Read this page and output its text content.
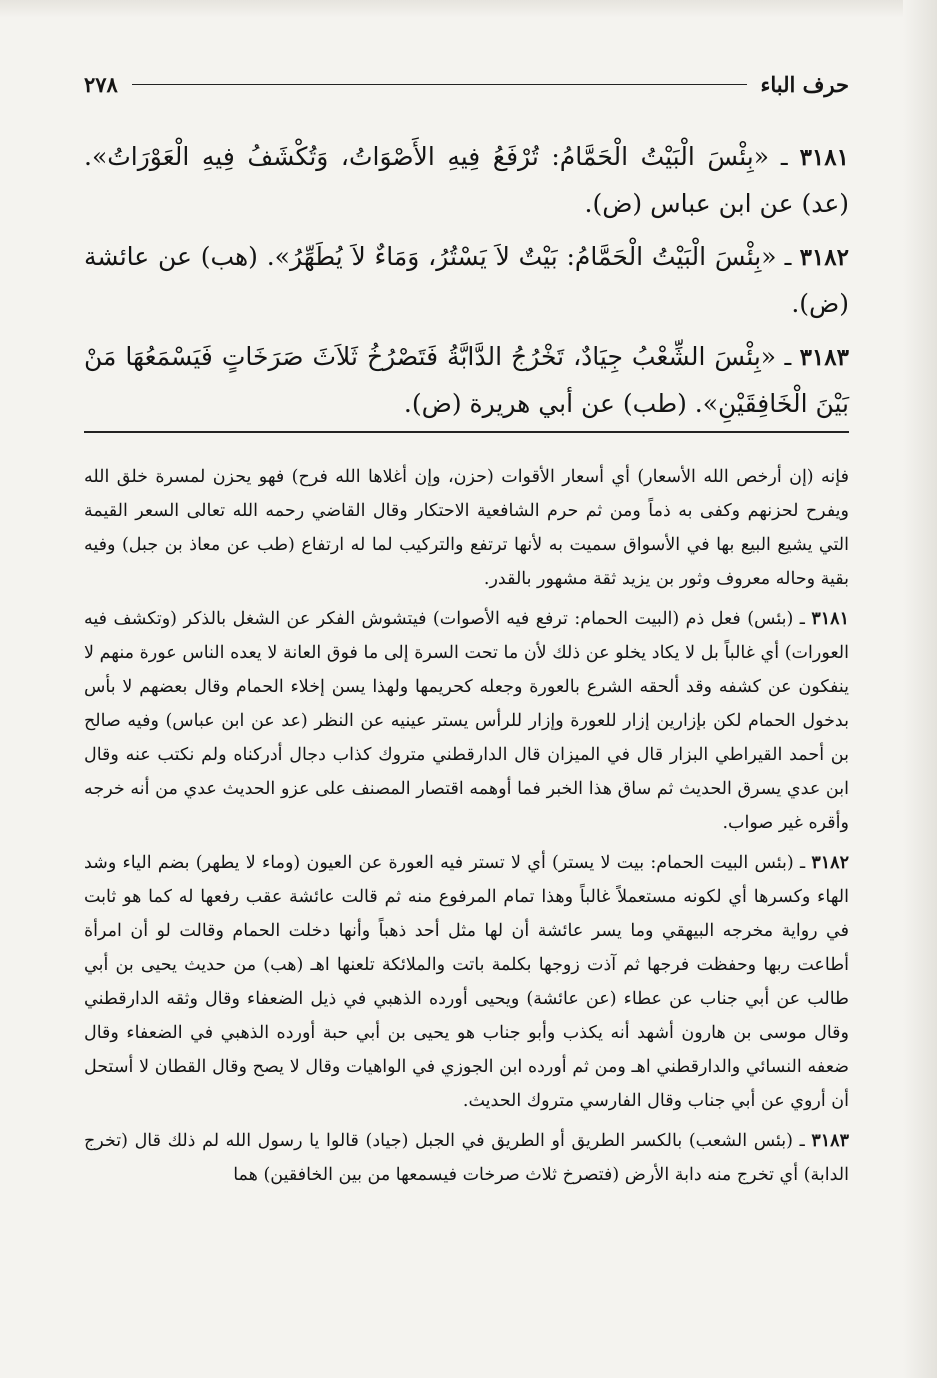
حرف الباء
٢٧٨

٣١٨١ ـ «بِئْسَ الْبَيْتُ الْحَمَّامُ: تُرْفَعُ فِيهِ الأَصْوَاتُ، وَتُكْشَفُ فِيهِ الْعَوْرَاتُ». (عد) عن ابن عباس (ض).

٣١٨٢ ـ «بِئْسَ الْبَيْتُ الْحَمَّامُ: بَيْتٌ لاَ يَسْتُرُ، وَمَاءٌ لاَ يُطَهِّرُ». (هب) عن عائشة (ض).

٣١٨٣ ـ «بِئْسَ الشِّعْبُ جِيَادٌ، تَخْرُجُ الدَّابَّةُ فَتَصْرُخُ ثَلاَثَ صَرَخَاتٍ فَيَسْمَعُهَا مَنْ بَيْنَ الْخَافِقَيْنِ». (طب) عن أبي هريرة (ض).

فإنه (إن أرخص الله الأسعار) أي أسعار الأقوات (حزن، وإن أغلاها الله فرح) فهو يحزن لمسرة خلق الله ويفرح لحزنهم وكفى به ذماً ومن ثم حرم الشافعية الاحتكار وقال القاضي رحمه الله تعالى السعر القيمة التي يشيع البيع بها في الأسواق سميت به لأنها ترتفع والتركيب لما له ارتفاع (طب عن معاذ بن جبل) وفيه بقية وحاله معروف وثور بن يزيد ثقة مشهور بالقدر.

٣١٨١ ـ (بئس) فعل ذم (البيت الحمام: ترفع فيه الأصوات) فيتشوش الفكر عن الشغل بالذكر (وتكشف فيه العورات) أي غالباً بل لا يكاد يخلو عن ذلك لأن ما تحت السرة إلى ما فوق العانة لا يعده الناس عورة منهم لا ينفكون عن كشفه وقد ألحقه الشرع بالعورة وجعله كحريمها ولهذا يسن إخلاء الحمام وقال بعضهم لا بأس بدخول الحمام لكن بإزارين إزار للعورة وإزار للرأس يستر عينيه عن النظر (عد عن ابن عباس) وفيه صالح بن أحمد القيراطي البزار قال في الميزان قال الدارقطني متروك كذاب دجال أدركناه ولم نكتب عنه وقال ابن عدي يسرق الحديث ثم ساق هذا الخبر فما أوهمه اقتصار المصنف على عزو الحديث عدي من أنه خرجه وأقره غير صواب.

٣١٨٢ ـ (بئس البيت الحمام: بيت لا يستر) أي لا تستر فيه العورة عن العيون (وماء لا يطهر) بضم الياء وشد الهاء وكسرها أي لكونه مستعملاً غالباً وهذا تمام المرفوع منه ثم قالت عائشة عقب رفعها له كما هو ثابت في رواية مخرجه البيهقي وما يسر عائشة أن لها مثل أحد ذهباً وأنها دخلت الحمام وقالت لو أن امرأة أطاعت ربها وحفظت فرجها ثم آذت زوجها بكلمة باتت والملائكة تلعنها اهـ (هب) من حديث يحيى بن أبي طالب عن أبي جناب عن عطاء (عن عائشة) ويحيى أورده الذهبي في ذيل الضعفاء وقال وثقه الدارقطني وقال موسى بن هارون أشهد أنه يكذب وأبو جناب هو يحيى بن أبي حبة أورده الذهبي في الضعفاء وقال ضعفه النسائي والدارقطني اهـ ومن ثم أورده ابن الجوزي في الواهيات وقال لا يصح وقال القطان لا أستحل أن أروي عن أبي جناب وقال الفارسي متروك الحديث.

٣١٨٣ ـ (بئس الشعب) بالكسر الطريق أو الطريق في الجبل (جياد) قالوا يا رسول الله لم ذلك قال (تخرج الدابة) أي تخرج منه دابة الأرض (فتصرخ ثلاث صرخات فيسمعها من بين الخافقين) هما
